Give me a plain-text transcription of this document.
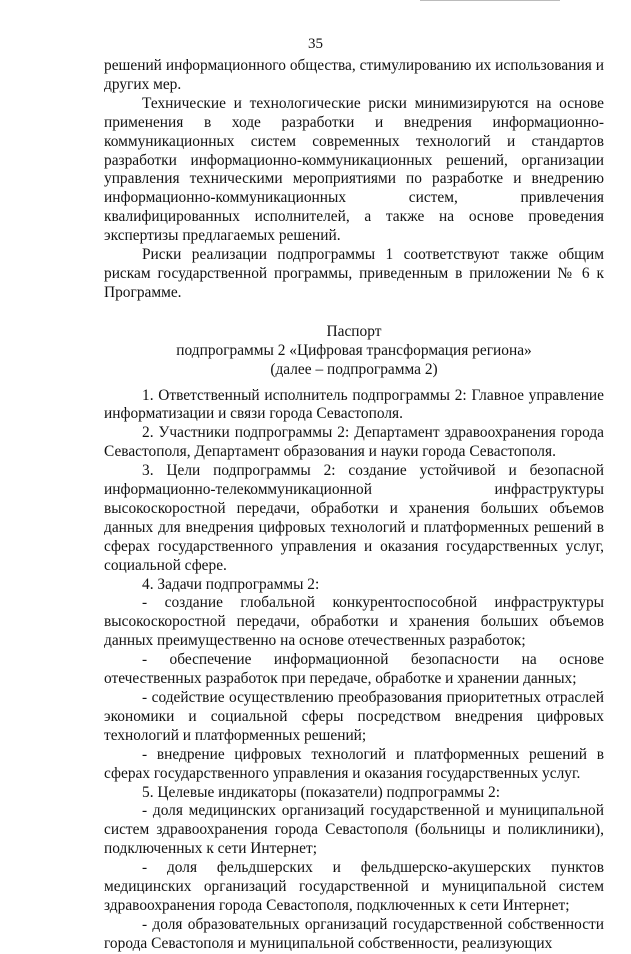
35

решений информационного общества, стимулированию их использования и других мер.

Технические и технологические риски минимизируются на основе применения в ходе разработки и внедрения информационно-коммуникационных систем современных технологий и стандартов разработки информационно-коммуникационных решений, организации управления техническими мероприятиями по разработке и внедрению информационно-коммуникационных систем, привлечения квалифицированных исполнителей, а также на основе проведения экспертизы предлагаемых решений.

Риски реализации подпрограммы 1 соответствуют также общим рискам государственной программы, приведенным в приложении № 6 к Программе.

Паспорт

подпрограммы 2 «Цифровая трансформация региона»

(далее – подпрограмма 2)

1. Ответственный исполнитель подпрограммы 2: Главное управление информатизации и связи города Севастополя.

2. Участники подпрограммы 2: Департамент здравоохранения города Севастополя, Департамент образования и науки города Севастополя.

3. Цели подпрограммы 2: создание устойчивой и безопасной информационно-телекоммуникационной инфраструктуры высокоскоростной передачи, обработки и хранения больших объемов данных для внедрения цифровых технологий и платформенных решений в сферах государственного управления и оказания государственных услуг, социальной сфере.

4. Задачи подпрограммы 2:

- создание глобальной конкурентоспособной инфраструктуры высокоскоростной передачи, обработки и хранения больших объемов данных преимущественно на основе отечественных разработок;

- обеспечение информационной безопасности на основе отечественных разработок при передаче, обработке и хранении данных;

- содействие осуществлению преобразования приоритетных отраслей экономики и социальной сферы посредством внедрения цифровых технологий и платформенных решений;

- внедрение цифровых технологий и платформенных решений в сферах государственного управления и оказания государственных услуг.

5. Целевые индикаторы (показатели) подпрограммы 2:

- доля медицинских организаций государственной и муниципальной систем здравоохранения города Севастополя (больницы и поликлиники), подключенных к сети Интернет;

- доля фельдшерских и фельдшерско-акушерских пунктов медицинских организаций государственной и муниципальной систем здравоохранения города Севастополя, подключенных к сети Интернет;

- доля образовательных организаций государственной собственности города Севастополя и муниципальной собственности, реализующих
